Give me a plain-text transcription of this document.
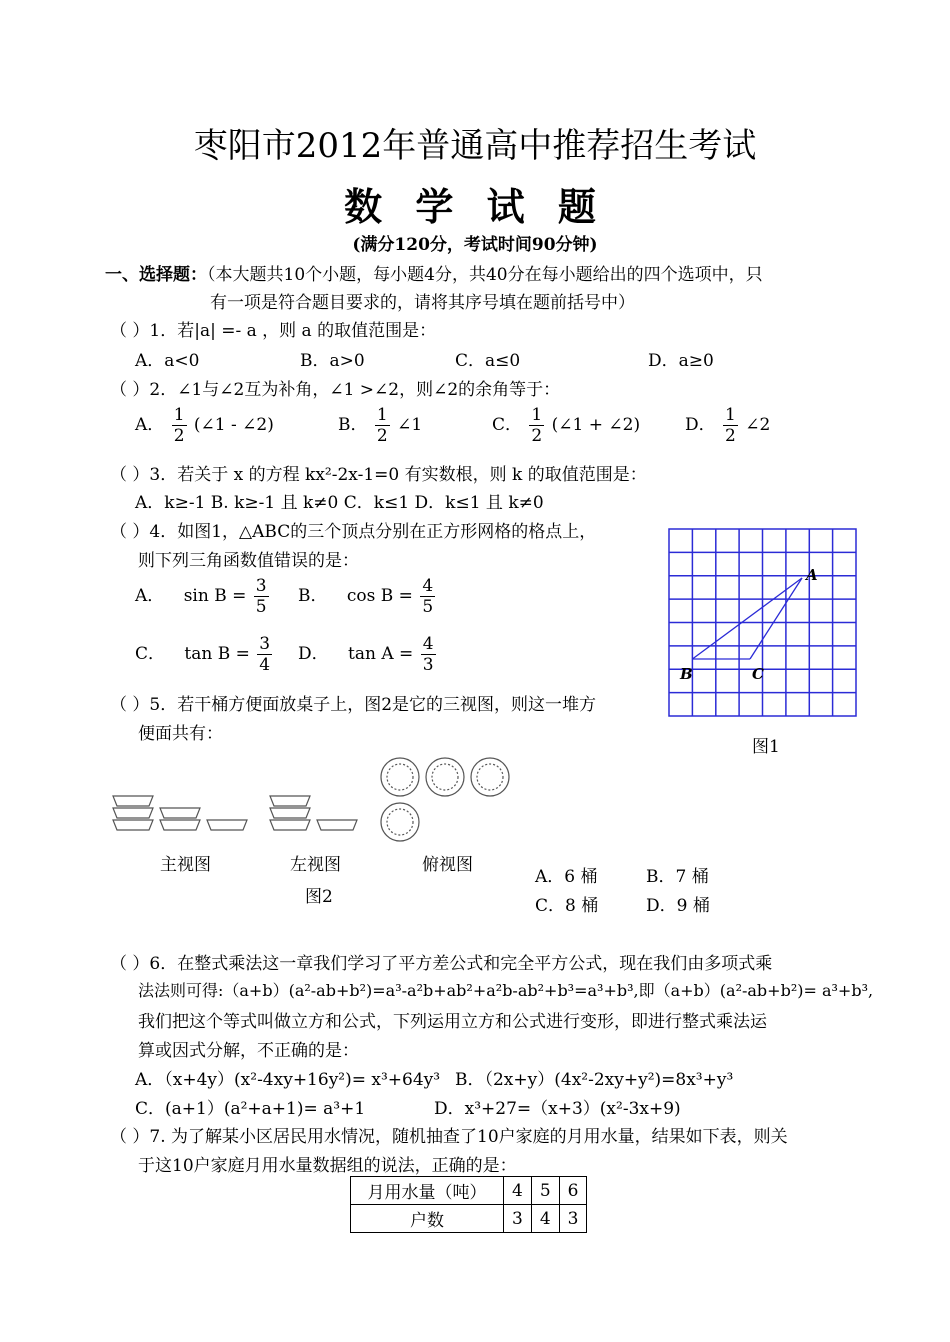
枣阳市2012年普通高中推荐招生考试
数 学 试 题
(满分120分，考试时间90分钟)
一、选择题：（本大题共10个小题，每小题4分，共40分在每小题给出的四个选项中，只
有一项是符合题目要求的，请将其序号填在题前括号中）
（ ）1．若|a| =- a ，则 a 的取值范围是：
A．a<0	B．a>0	C．a≤0	D．a≥0
（ ）2．∠1与∠2互为补角，∠1 >∠2，则∠2的余角等于：
A． $\frac{1}{2}$ (∠1 - ∠2)	B． $\frac{1}{2}$ ∠1	C． $\frac{1}{2}$ (∠1 + ∠2)	D． $\frac{1}{2}$ ∠2
（ ）3．若关于 x 的方程 kx²-2x-1=0 有实数根，则 k 的取值范围是：
A．k≥-1 B. k≥-1 且 k≠0 C．k≤1 D．k≤1 且 k≠0
（ ）4．如图1，△ABC的三个顶点分别在正方形网格的格点上，
则下列三角函数值错误的是：
A． $\sin B = \frac{3}{5}$ B． $\cos B = \frac{4}{5}$
C． $\tan B = \frac{3}{4}$ D． $\tan A = \frac{4}{3}$
A
B	C
图1
（ ）5．若干桶方便面放桌子上，图2是它的三视图，则这一堆方
便面共有：
主视图	左视图	俯视图
图2
A．6 桶	B．7 桶
C．8 桶	D．9 桶
（ ）6．在整式乘法这一章我们学习了平方差公式和完全平方公式，现在我们由多项式乘
法法则可得:（a+b）(a²-ab+b²)=a³-a²b+ab²+a²b-ab²+b³=a³+b³,即（a+b）(a²-ab+b²)= a³+b³,
我们把这个等式叫做立方和公式，下列运用立方和公式进行变形，即进行整式乘法运
算或因式分解，不正确的是：
A．（x+4y）(x²-4xy+16y²)= x³+64y³ B．（2x+y）(4x²-2xy+y²)=8x³+y³
C．(a+1）(a²+a+1)= a³+1	D．x³+27=（x+3）(x²-3x+9)
（ ）7. 为了解某小区居民用水情况，随机抽查了10户家庭的月用水量，结果如下表，则关
于这10户家庭月用水量数据组的说法，正确的是：
月用水量（吨）	4	5	6
户数	3	4	3
